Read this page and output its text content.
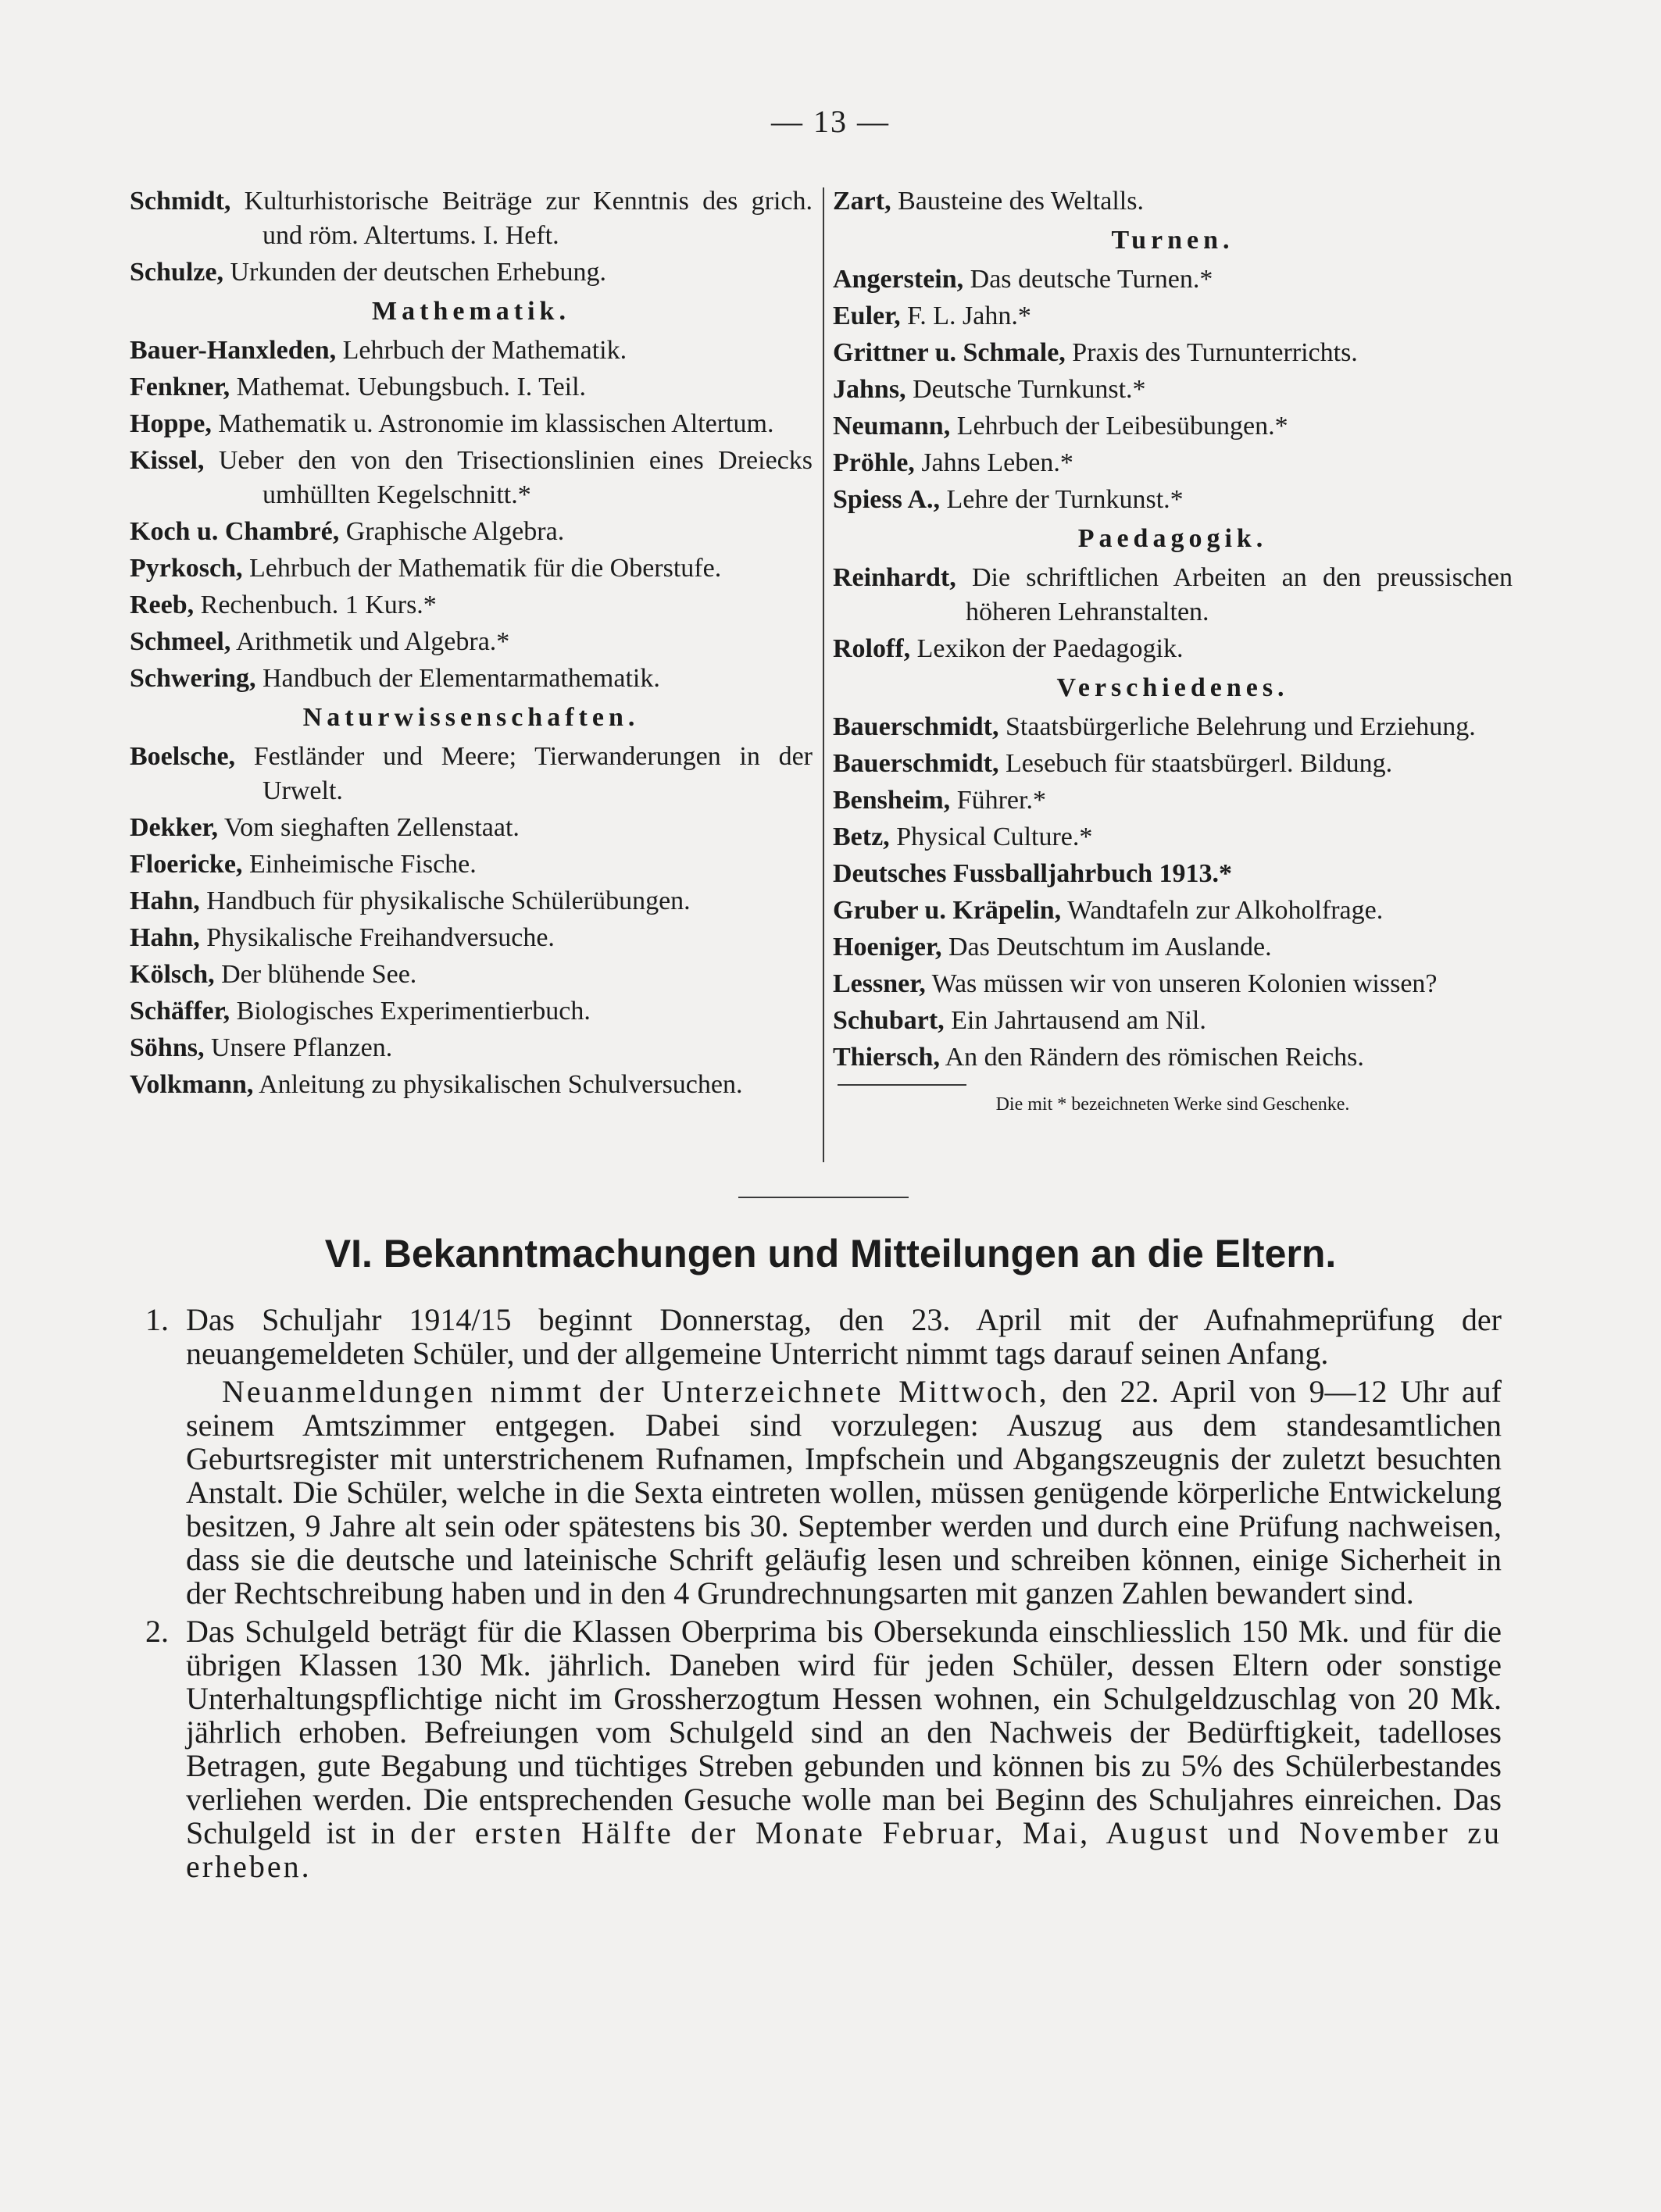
— 13 —

Schmidt, Kulturhistorische Beiträge zur Kenntnis des grich. und röm. Altertums. I. Heft.

Schulze, Urkunden der deutschen Erhebung.

Mathematik.

Bauer-Hanxleden, Lehrbuch der Mathematik.

Fenkner, Mathemat. Uebungsbuch. I. Teil.

Hoppe, Mathematik u. Astronomie im klassischen Altertum.

Kissel, Ueber den von den Trisectionslinien eines Dreiecks umhüllten Kegelschnitt.*

Koch u. Chambré, Graphische Algebra.

Pyrkosch, Lehrbuch der Mathematik für die Oberstufe.

Reeb, Rechenbuch. 1 Kurs.*

Schmeel, Arithmetik und Algebra.*

Schwering, Handbuch der Elementarmathematik.

Naturwissenschaften.

Boelsche, Festländer und Meere; Tierwanderungen in der Urwelt.

Dekker, Vom sieghaften Zellenstaat.

Floericke, Einheimische Fische.

Hahn, Handbuch für physikalische Schülerübungen.

Hahn, Physikalische Freihandversuche.

Kölsch, Der blühende See.

Schäffer, Biologisches Experimentierbuch.

Söhns, Unsere Pflanzen.

Volkmann, Anleitung zu physikalischen Schulversuchen.

Zart, Bausteine des Weltalls.

Turnen.

Angerstein, Das deutsche Turnen.*

Euler, F. L. Jahn.*

Grittner u. Schmale, Praxis des Turnunterrichts.

Jahns, Deutsche Turnkunst.*

Neumann, Lehrbuch der Leibesübungen.*

Pröhle, Jahns Leben.*

Spiess A., Lehre der Turnkunst.*

Paedagogik.

Reinhardt, Die schriftlichen Arbeiten an den preussischen höheren Lehranstalten.

Roloff, Lexikon der Paedagogik.

Verschiedenes.

Bauerschmidt, Staatsbürgerliche Belehrung und Erziehung.

Bauerschmidt, Lesebuch für staatsbürgerl. Bildung.

Bensheim, Führer.*

Betz, Physical Culture.*

Deutsches Fussballjahrbuch 1913.*

Gruber u. Kräpelin, Wandtafeln zur Alkoholfrage.

Hoeniger, Das Deutschtum im Auslande.

Lessner, Was müssen wir von unseren Kolonien wissen?

Schubart, Ein Jahrtausend am Nil.

Thiersch, An den Rändern des römischen Reichs.

Die mit * bezeichneten Werke sind Geschenke.
VI. Bekanntmachungen und Mitteilungen an die Eltern.
1. Das Schuljahr 1914/15 beginnt Donnerstag, den 23. April mit der Aufnahmeprüfung der neuangemeldeten Schüler, und der allgemeine Unterricht nimmt tags darauf seinen Anfang.
Neuanmeldungen nimmt der Unterzeichnete Mittwoch, den 22. April von 9—12 Uhr auf seinem Amtszimmer entgegen. Dabei sind vorzulegen: Auszug aus dem standesamtlichen Geburtsregister mit unterstrichenem Rufnamen, Impfschein und Abgangszeugnis der zuletzt besuchten Anstalt. Die Schüler, welche in die Sexta eintreten wollen, müssen genügende körperliche Entwickelung besitzen, 9 Jahre alt sein oder spätestens bis 30. September werden und durch eine Prüfung nachweisen, dass sie die deutsche und lateinische Schrift geläufig lesen und schreiben können, einige Sicherheit in der Rechtschreibung haben und in den 4 Grundrechnungsarten mit ganzen Zahlen bewandert sind.
2. Das Schulgeld beträgt für die Klassen Oberprima bis Obersekunda einschliesslich 150 Mk. und für die übrigen Klassen 130 Mk. jährlich. Daneben wird für jeden Schüler, dessen Eltern oder sonstige Unterhaltungspflichtige nicht im Grossherzogtum Hessen wohnen, ein Schulgeldzuschlag von 20 Mk. jährlich erhoben. Befreiungen vom Schulgeld sind an den Nachweis der Bedürftigkeit, tadelloses Betragen, gute Begabung und tüchtiges Streben gebunden und können bis zu 5% des Schülerbestandes verliehen werden. Die entsprechenden Gesuche wolle man bei Beginn des Schuljahres einreichen. Das Schulgeld ist in der ersten Hälfte der Monate Februar, Mai, August und November zu erheben.
